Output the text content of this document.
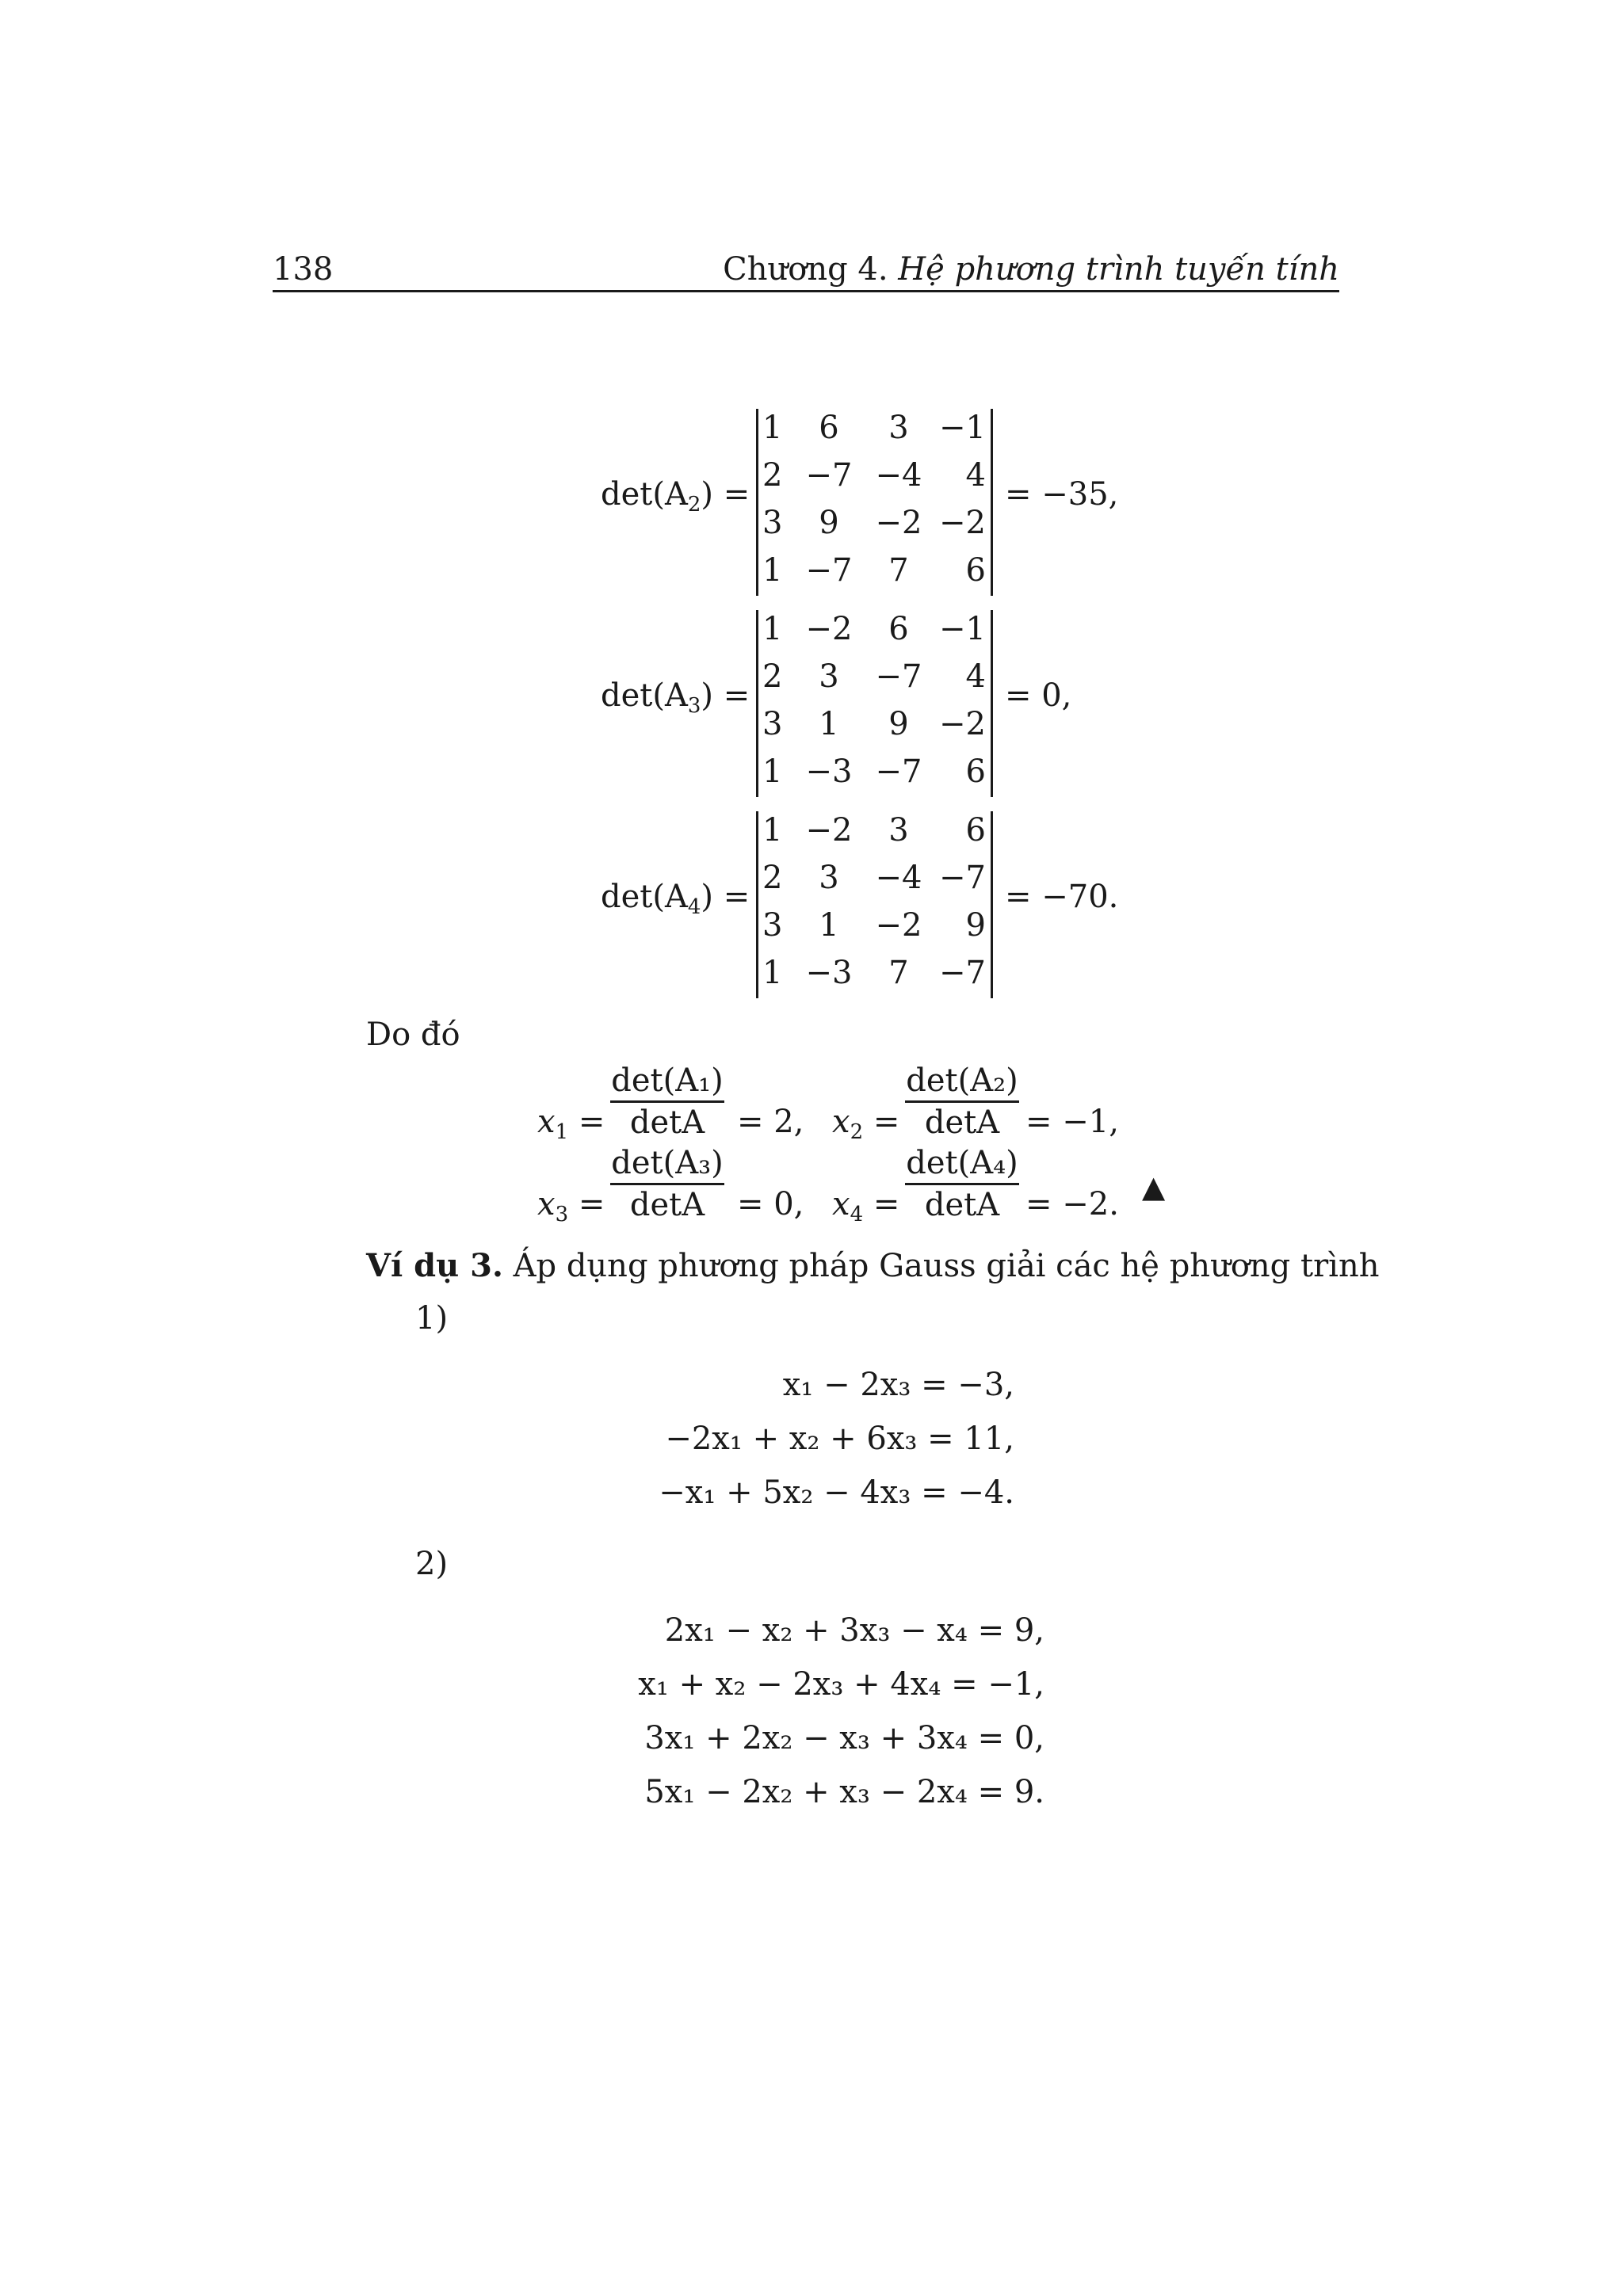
138	Chương 4. Hệ phương trình tuyến tính
$\det(A_2)$ =
1	6	3 −1
2 −7 −4	4
3	9	−2 −2
1 −7	7	6
= −35,
$\det(A_3)$ =
1 −2	6 −1
2	3	−7	4
3	1	9 −2
1 −3 −7	6
= 0,
$\det(A_4)$ =
1 −2	3	6
2	3	−4 −7
3	1	−2	9
1 −3	7 −7
= −70.
Do đó
$x_1$ =
det(A₁)
detA	= 2, $x_2$ =
det(A₂)
detA = −1,
$x_3$ =
det(A₃)
detA	= 0, $x_4$ =
det(A₄)
detA = −2. ▲
Ví dụ 3. Áp dụng phương pháp Gauss giải các hệ phương trình
1)
x₁ − 2x₃ = −3,
−2x₁ + x₂ + 6x₃ = 11,
−x₁ + 5x₂ − 4x₃ = −4.
2)
2x₁ − x₂ + 3x₃ − x₄ = 9,
x₁ + x₂ − 2x₃ + 4x₄ = −1,
3x₁ + 2x₂ − x₃ + 3x₄ = 0,
5x₁ − 2x₂ + x₃ − 2x₄ = 9.
